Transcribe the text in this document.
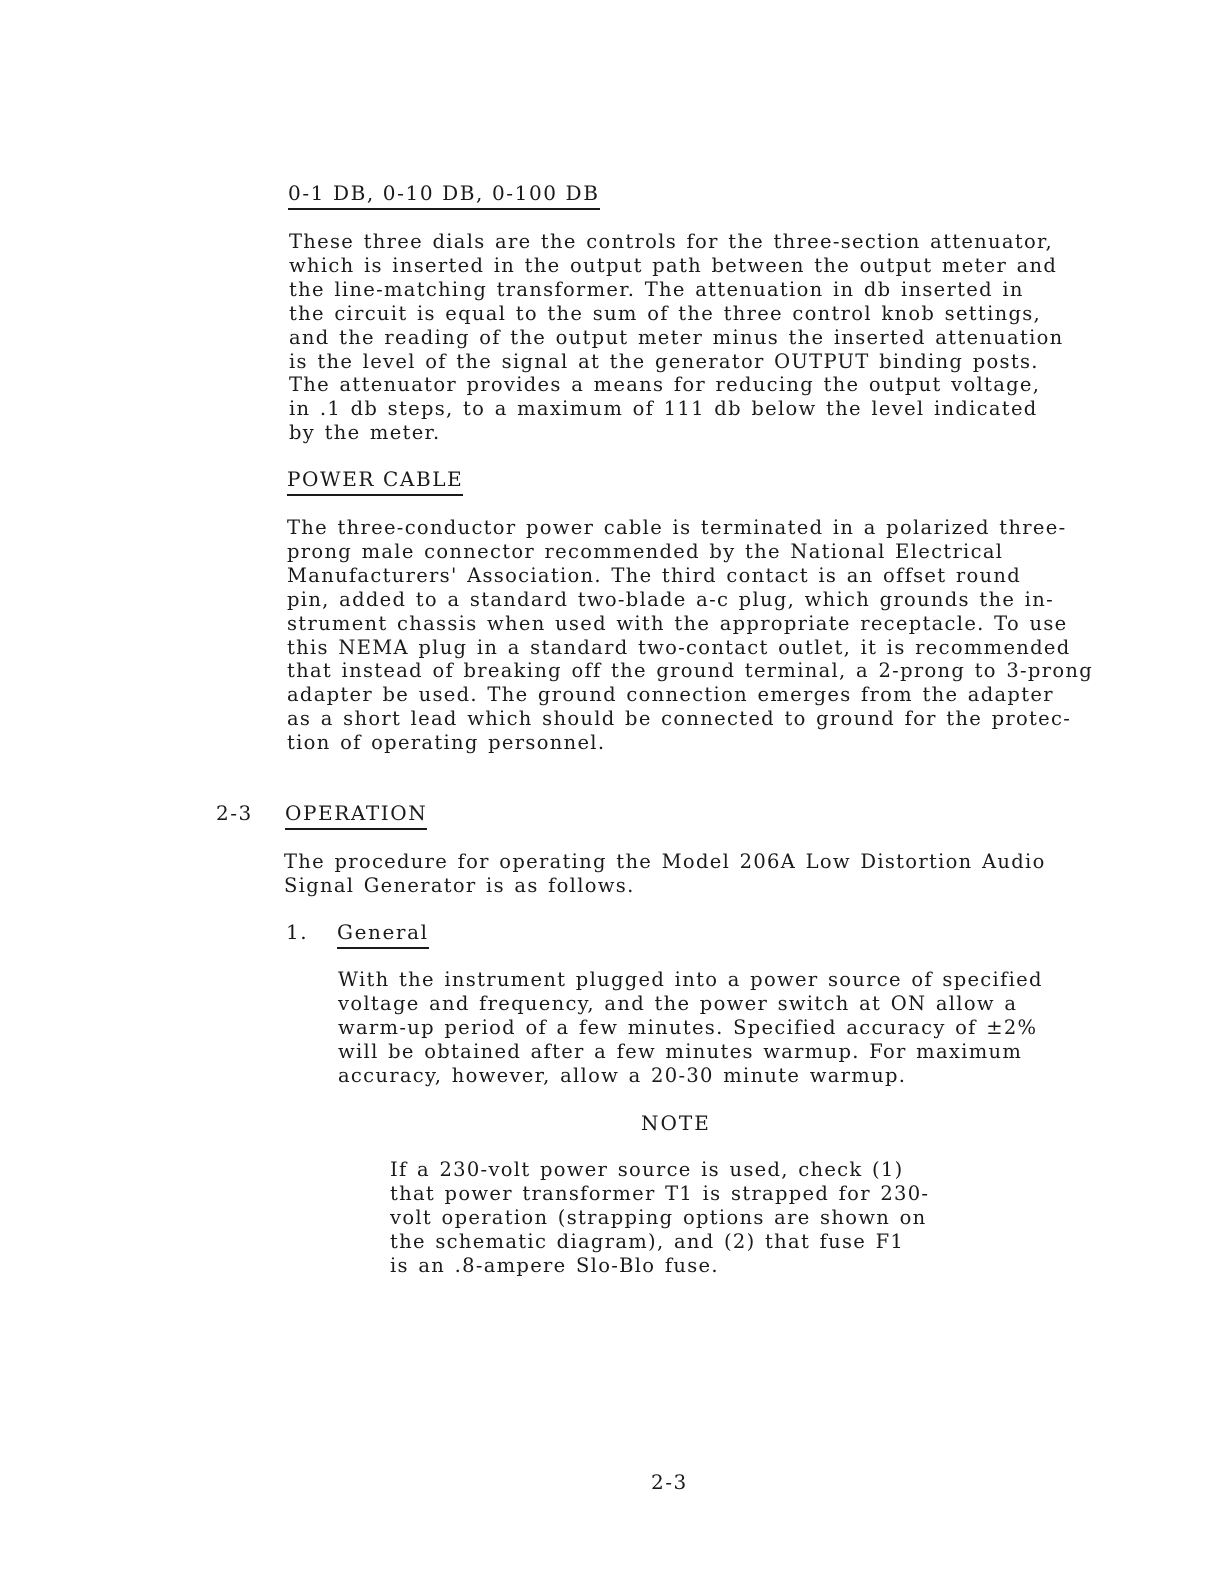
0-1 DB, 0-10 DB, 0-100 DB

These three dials are the controls for the three-section attenuator,
which is inserted in the output path between the output meter and
the line-matching transformer. The attenuation in db inserted in
the circuit is equal to the sum of the three control knob settings,
and the reading of the output meter minus the inserted attenuation
is the level of the signal at the generator OUTPUT binding posts.
The attenuator provides a means for reducing the output voltage,
in .1 db steps, to a maximum of 111 db below the level indicated
by the meter.

POWER CABLE

The three-conductor power cable is terminated in a polarized three-
prong male connector recommended by the National Electrical
Manufacturers' Association. The third contact is an offset round
pin, added to a standard two-blade a-c plug, which grounds the in-
strument chassis when used with the appropriate receptacle. To use
this NEMA plug in a standard two-contact outlet, it is recommended
that instead of breaking off the ground terminal, a 2-prong to 3-prong
adapter be used. The ground connection emerges from the adapter
as a short lead which should be connected to ground for the protec-
tion of operating personnel.

2-3 OPERATION

The procedure for operating the Model 206A Low Distortion Audio
Signal Generator is as follows.

1. General

With the instrument plugged into a power source of specified
voltage and frequency, and the power switch at ON allow a
warm-up period of a few minutes. Specified accuracy of ±2%
will be obtained after a few minutes warmup. For maximum
accuracy, however, allow a 20-30 minute warmup.

NOTE

If a 230-volt power source is used, check (1)
that power transformer T1 is strapped for 230-
volt operation (strapping options are shown on
the schematic diagram), and (2) that fuse F1
is an .8-ampere Slo-Blo fuse.

2-3
